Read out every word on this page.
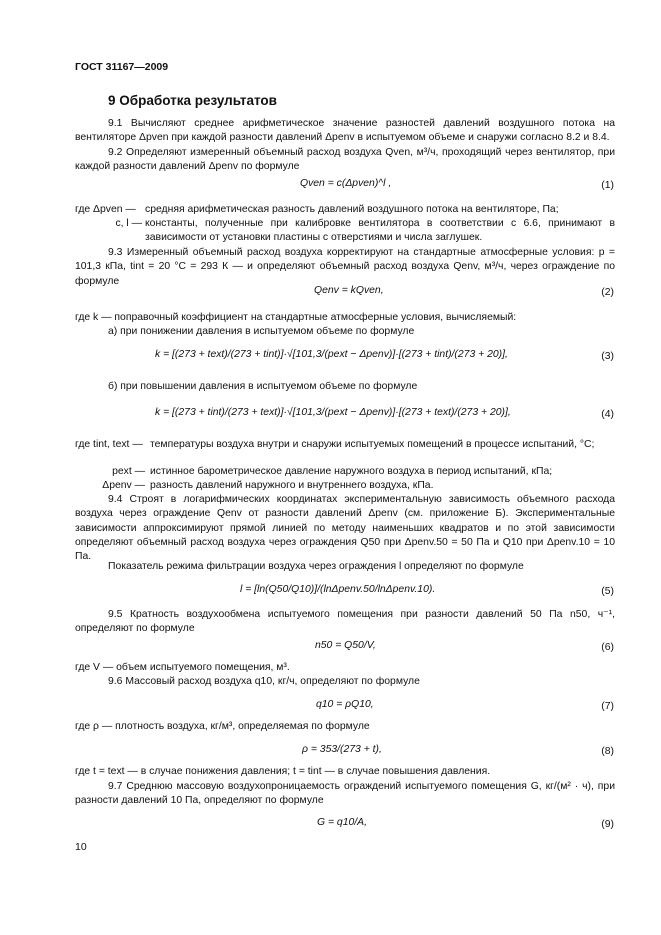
ГОСТ 31167—2009
9 Обработка результатов
9.1 Вычисляют среднее арифметическое значение разностей давлений воздушного потока на вентиляторе Δpven при каждой разности давлений Δpenv в испытуемом объеме и снаружи согласно 8.2 и 8.4.
9.2 Определяют измеренный объемный расход воздуха Qven, м³/ч, проходящий через вентилятор, при каждой разности давлений Δpenv по формуле
Qven = c(Δpven)^l ,	(1)
где Δpven — средняя арифметическая разность давлений воздушного потока на вентиляторе, Па;
c, l — константы, полученные при калибровке вентилятора в соответствии с 6.6, принимают в зависимости от установки пластины с отверстиями и числа заглушек.
9.3 Измеренный объемный расход воздуха корректируют на стандартные атмосферные условия: p = 101,3 кПа, tint = 20 °С = 293 К — и определяют объемный расход воздуха Qenv, м³/ч, через ограждение по формуле
Qenv = kQven,	(2)
где k — поправочный коэффициент на стандартные атмосферные условия, вычисляемый:
а) при понижении давления в испытуемом объеме по формуле
k = [(273 + text)/(273 + tint)]·√[101,3/(pext − Δpenv)]·[(273 + tint)/(273 + 20)],	(3)
б) при повышении давления в испытуемом объеме по формуле
k = [(273 + tint)/(273 + text)]·√[101,3/(pext − Δpenv)]·[(273 + text)/(273 + 20)],	(4)
где tint, text — температуры воздуха внутри и снаружи испытуемых помещений в процессе испытаний, °С;
pext — истинное барометрическое давление наружного воздуха в период испытаний, кПа;
Δpenv — разность давлений наружного и внутреннего воздуха, кПа.
9.4 Строят в логарифмических координатах экспериментальную зависимость объемного расхода воздуха через ограждение Qenv от разности давлений Δpenv (см. приложение Б). Экспериментальные зависимости аппроксимируют прямой линией по методу наименьших квадратов и по этой зависимости определяют объемный расход воздуха через ограждения Q50 при Δpenv.50 = 50 Па и Q10 при Δpenv.10 = 10 Па.
Показатель режима фильтрации воздуха через ограждения l определяют по формуле
l = [ln(Q50/Q10)]/(lnΔpenv.50/lnΔpenv.10).	(5)
9.5 Кратность воздухообмена испытуемого помещения при разности давлений 50 Па n50, ч⁻¹, определяют по формуле
n50 = Q50/V,	(6)
где V — объем испытуемого помещения, м³.
9.6 Массовый расход воздуха q10, кг/ч, определяют по формуле
q10 = ρQ10,	(7)
где ρ — плотность воздуха, кг/м³, определяемая по формуле
ρ = 353/(273 + t),	(8)
где t = text — в случае понижения давления; t = tint — в случае повышения давления.
9.7 Среднюю массовую воздухопроницаемость ограждений испытуемого помещения G, кг/(м² · ч), при разности давлений 10 Па, определяют по формуле
G = q10/A,	(9)
10
